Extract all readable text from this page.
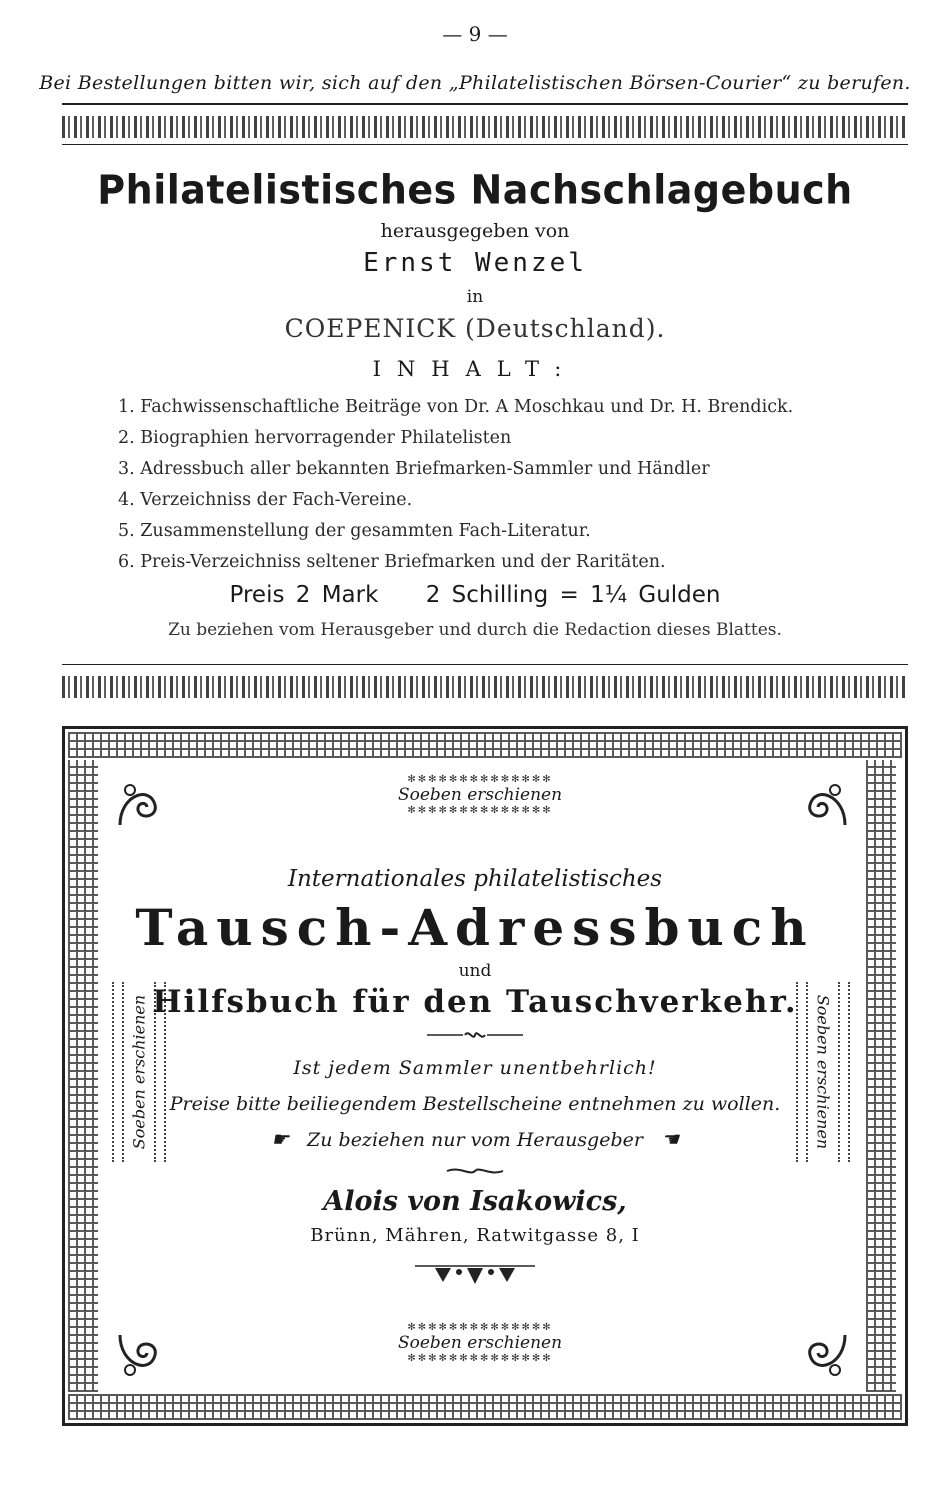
— 9 —
Bei Bestellungen bitten wir, sich auf den „Philatelistischen Börsen-Courier“ zu berufen.
Philatelistisches Nachschlagebuch
herausgegeben von
Ernst Wenzel
in
COEPENICK (Deutschland).
INHALT:
1. Fachwissenschaftliche Beiträge von Dr. A Moschkau und Dr. H. Brendick.
2. Biographien hervorragender Philatelisten
3. Adressbuch aller bekannten Briefmarken-Sammler und Händler
4. Verzeichniss der Fach-Vereine.
5. Zusammenstellung der gesammten Fach-Literatur.
6. Preis-Verzeichniss seltener Briefmarken und der Raritäten.
Preis 2 Mark 2 Schilling = 1¼ Gulden
Zu beziehen vom Herausgeber und durch die Redaction dieses Blattes.
✻✻✻✻✻✻✻✻✻✻✻✻✻✻
Soeben erschienen
✻✻✻✻✻✻✻✻✻✻✻✻✻✻
✻✻✻✻✻✻✻✻✻✻✻✻✻✻
Soeben erschienen
✻✻✻✻✻✻✻✻✻✻✻✻✻✻
Soeben erschienen	Soeben erschienen
Internationales philatelistisches
Tausch-Adressbuch
und
Hilfsbuch für den Tauschverkehr.
Ist jedem Sammler unentbehrlich!
Preise bitte beiliegendem Bestellscheine entnehmen zu wollen.
☛ Zu beziehen nur vom Herausgeber ☚
Alois von Isakowics,
Brünn, Mähren, Ratwitgasse 8, I
